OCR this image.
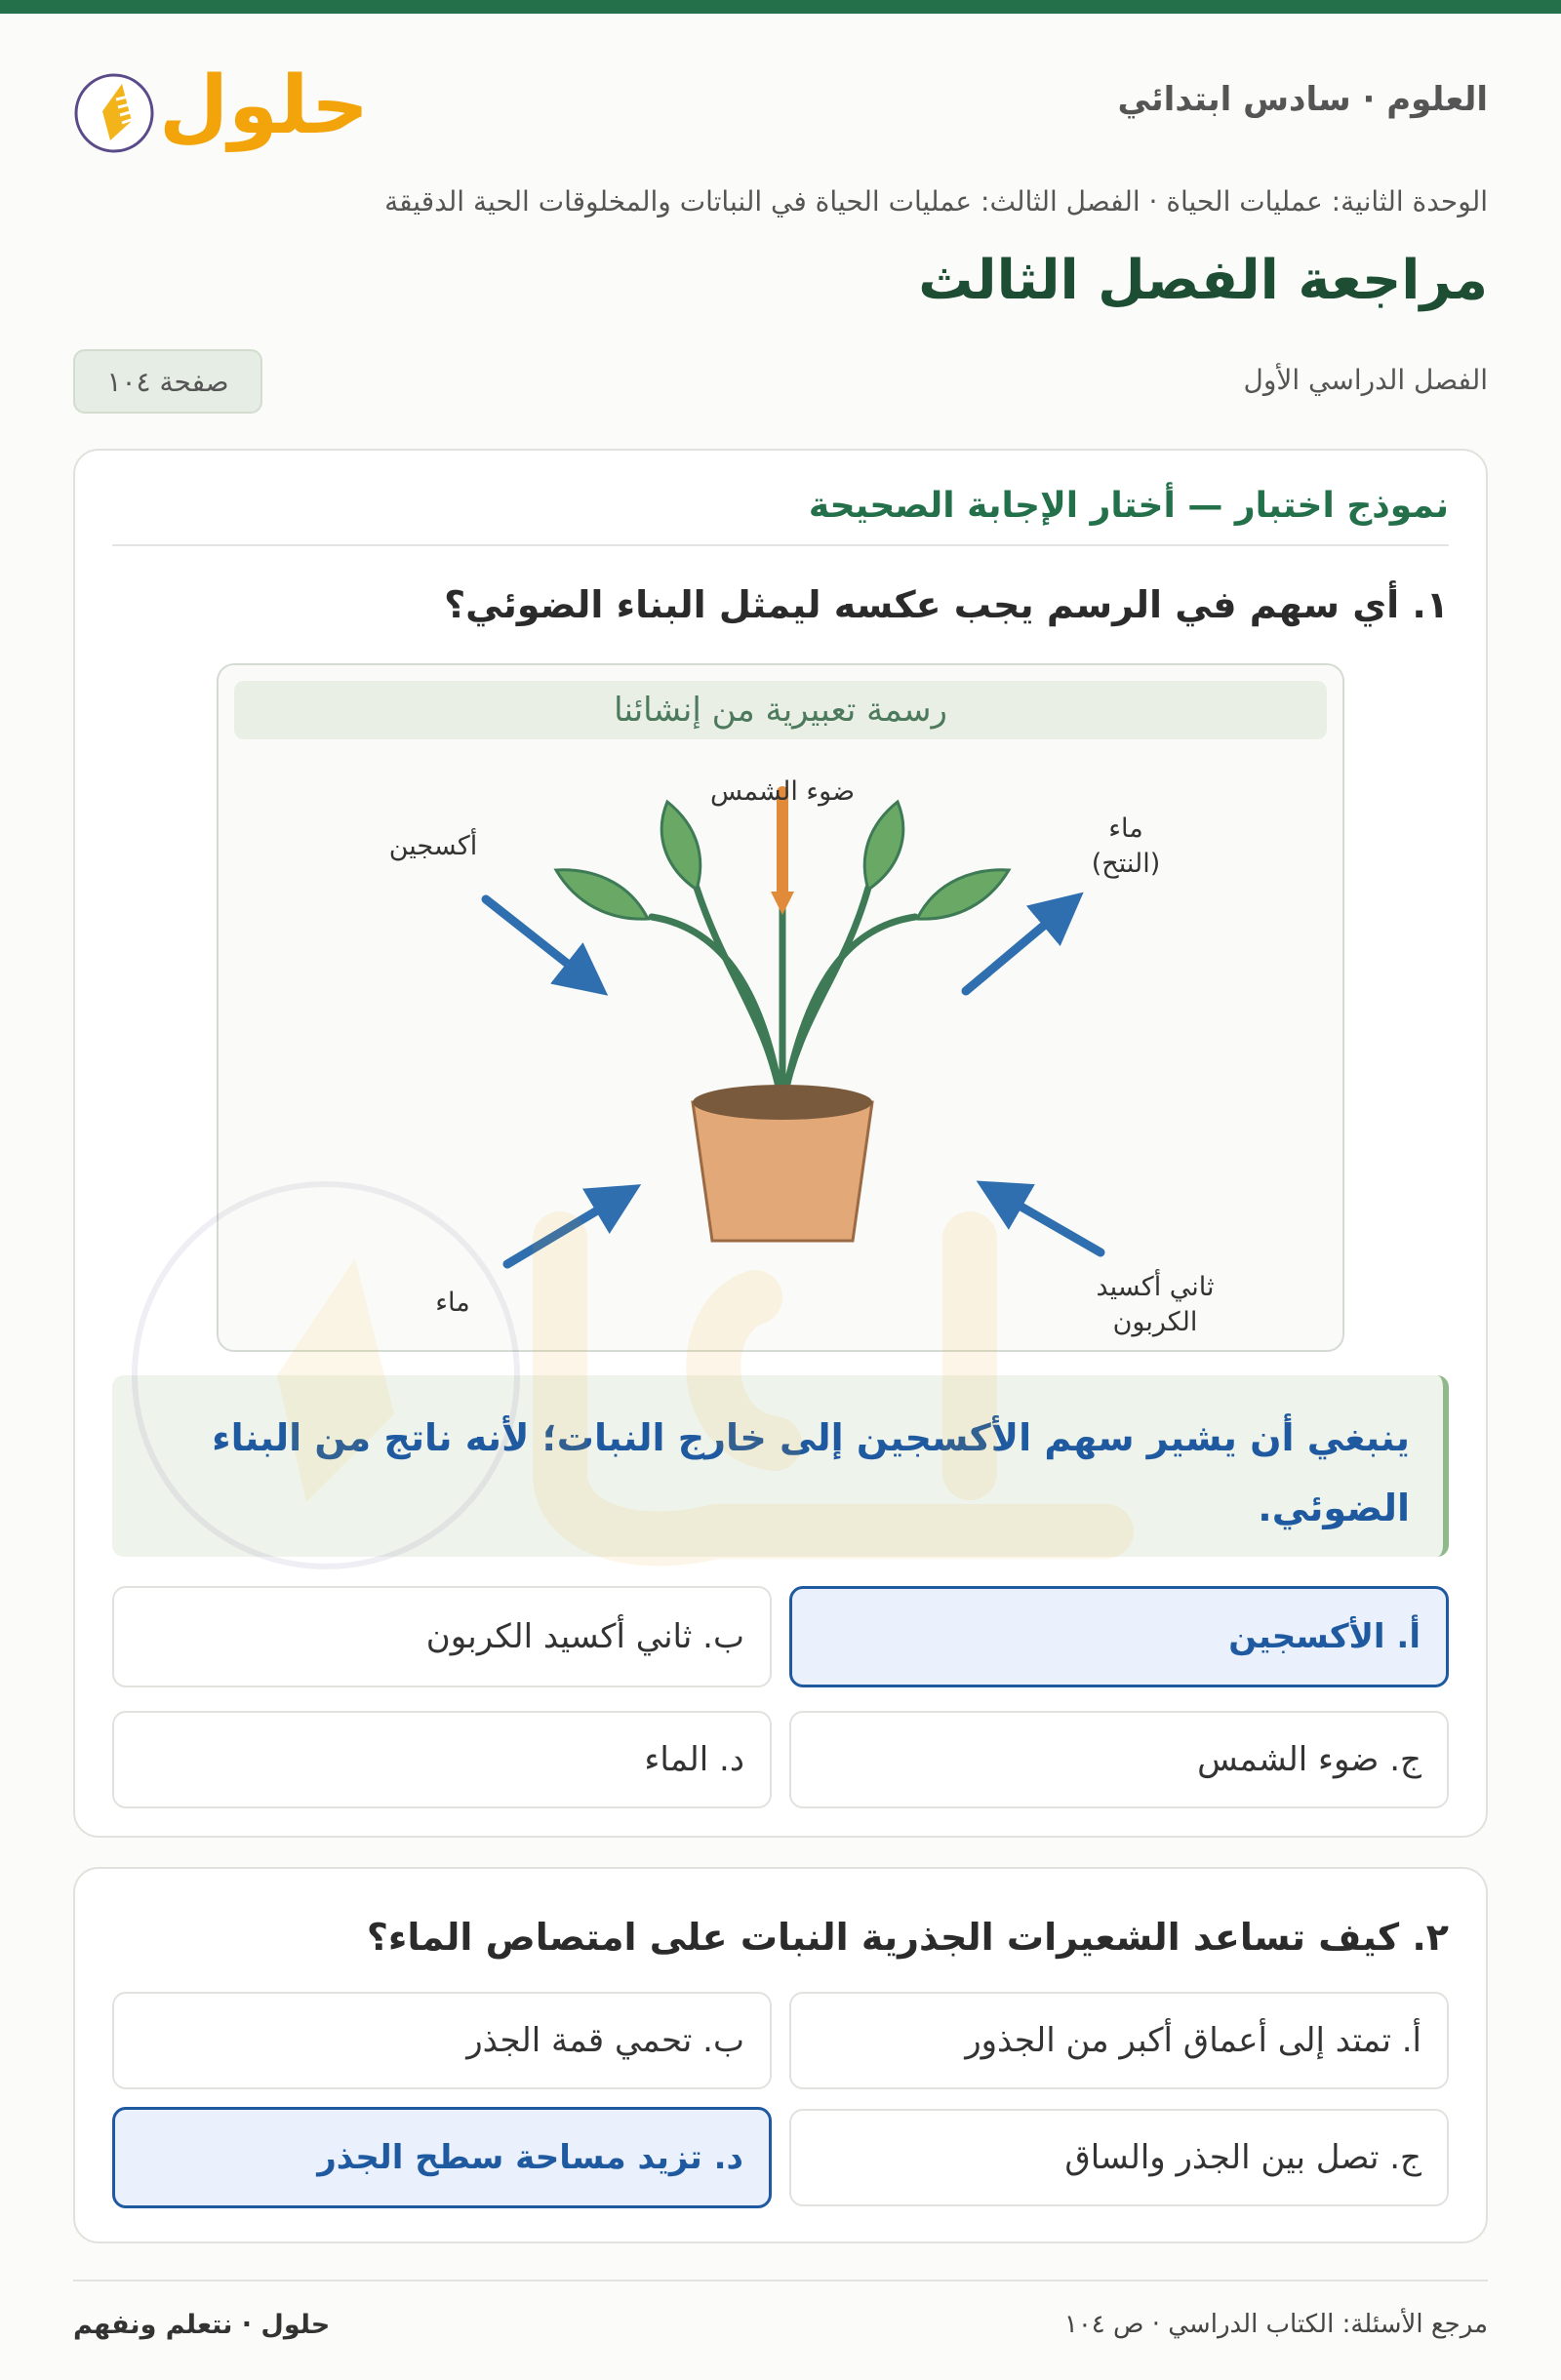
العلوم · سادس ابتدائي
حلول
الوحدة الثانية: عمليات الحياة · الفصل الثالث: عمليات الحياة في النباتات والمخلوقات الحية الدقيقة
مراجعة الفصل الثالث
الفصل الدراسي الأول
صفحة ١٠٤
نموذج اختبار — أختار الإجابة الصحيحة
١. أي سهم في الرسم يجب عكسه ليمثل البناء الضوئي؟
رسمة تعبيرية من إنشائنا
ضوء الشمس
أكسجين
ماء
(النتح)
ماء
ثاني أكسيد
الكربون
ينبغي أن يشير سهم الأكسجين إلى خارج النبات؛ لأنه ناتج من البناء الضوئي.
أ. الأكسجين
ب. ثاني أكسيد الكربون
ج. ضوء الشمس
د. الماء
٢. كيف تساعد الشعيرات الجذرية النبات على امتصاص الماء؟
أ. تمتد إلى أعماق أكبر من الجذور
ب. تحمي قمة الجذر
ج. تصل بين الجذر والساق
د. تزيد مساحة سطح الجذر
مرجع الأسئلة: الكتاب الدراسي · ص ١٠٤
حلول · نتعلم ونفهم
